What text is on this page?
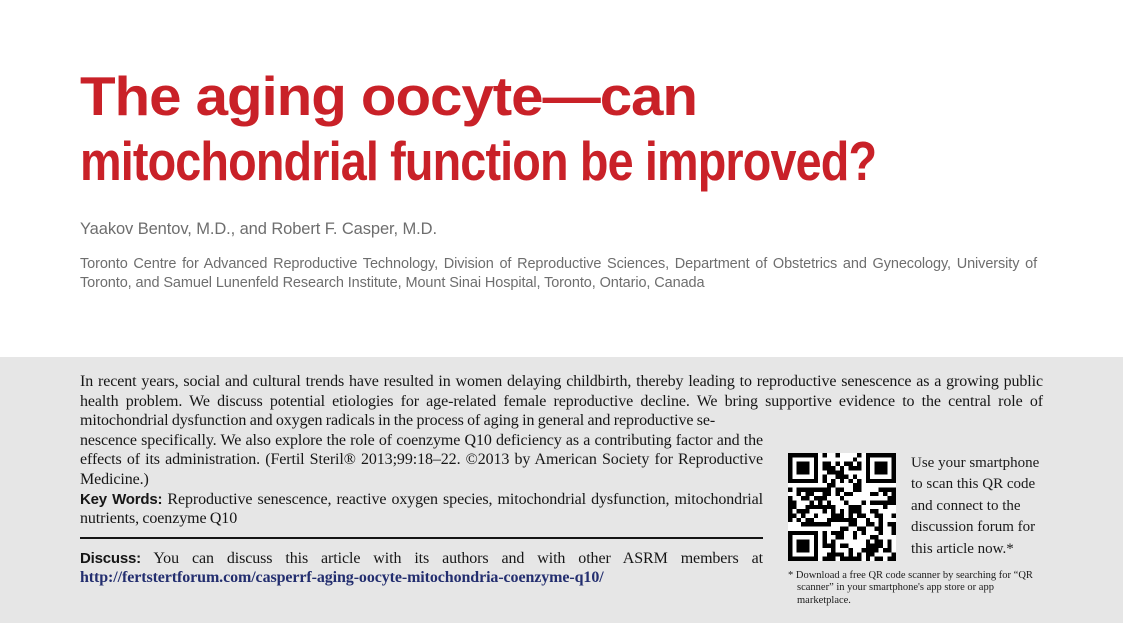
The aging oocyte—can
mitochondrial function be improved?
Yaakov Bentov, M.D., and Robert F. Casper, M.D.
Toronto Centre for Advanced Reproductive Technology, Division of Reproductive Sciences, Department of Obstetrics and Gynecology, University of Toronto, and Samuel Lunenfeld Research Institute, Mount Sinai Hospital, Toronto, Ontario, Canada

In recent years, social and cultural trends have resulted in women delaying childbirth, thereby leading to reproductive senescence as a growing public health problem. We discuss potential etiologies for age-related female reproductive decline. We bring supportive evidence to the central role of mitochondrial dysfunction and oxygen radicals in the process of aging in general and reproductive se-

nescence specifically. We also explore the role of coenzyme Q10 deficiency as a contributing factor and the effects of its administration. (Fertil Steril® 2013;99:18–22. ©2013 by American Society for Reproductive Medicine.)

Key Words: Reproductive senescence, reactive oxygen species, mitochondrial dysfunction, mitochondrial nutrients, coenzyme Q10

Discuss: You can discuss this article with its authors and with other ASRM members at http://fertstertforum.com/casperrf-aging-oocyte-mitochondria-coenzyme-q10/

Use your smartphone to scan this QR code and connect to the discussion forum for this article now.*
* Download a free QR code scanner by searching for “QR scanner” in your smartphone's app store or app marketplace.
